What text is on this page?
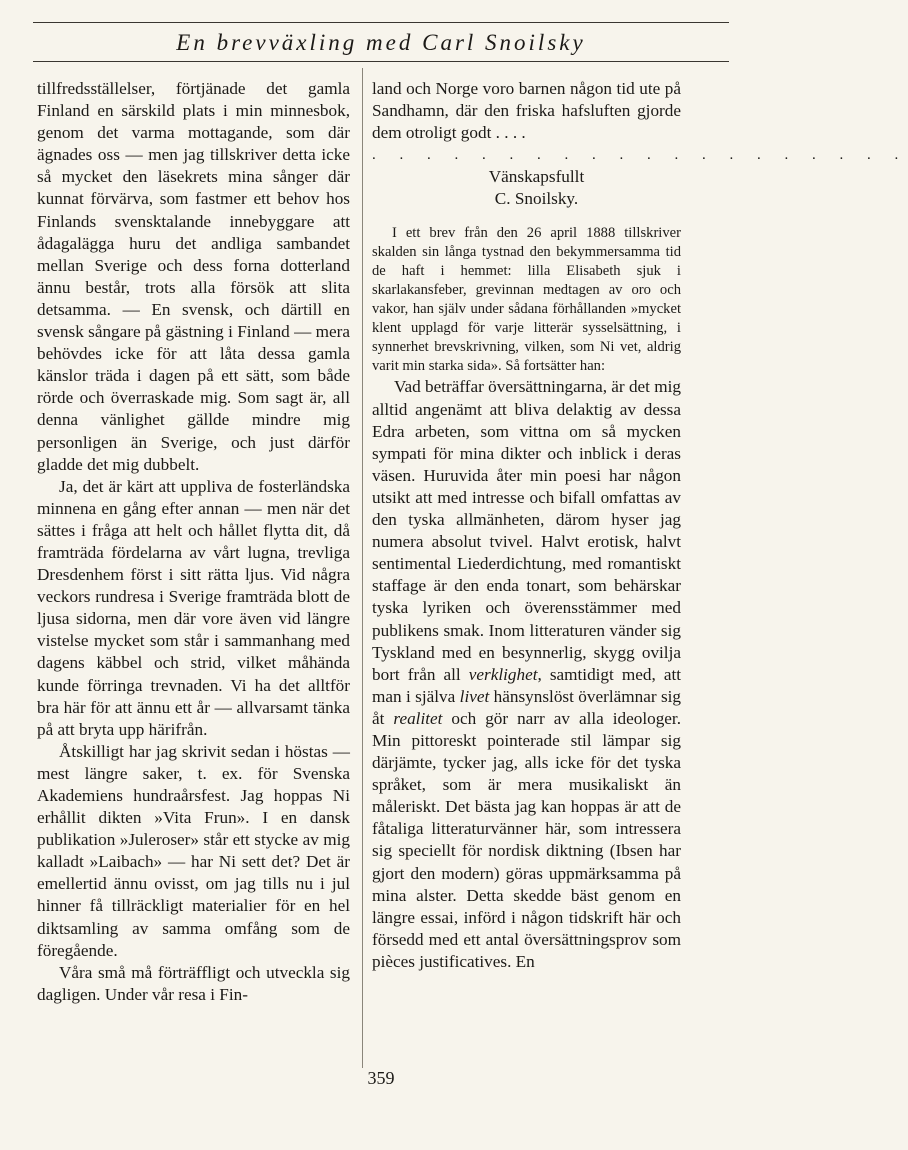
En brevväxling med Carl Snoilsky

tillfredsställelser, förtjänade det gamla Finland en särskild plats i min minnesbok, genom det varma mottagande, som där ägnades oss — men jag tillskriver detta icke så mycket den läsekrets mina sånger där kunnat förvärva, som fastmer ett behov hos Finlands svensktalande innebyggare att ådagalägga huru det andliga sambandet mellan Sverige och dess forna dotterland ännu består, trots alla försök att slita detsamma. — En svensk, och därtill en svensk sångare på gästning i Finland — mera behövdes icke för att låta dessa gamla känslor träda i dagen på ett sätt, som både rörde och överraskade mig. Som sagt är, all denna vänlighet gällde mindre mig personligen än Sverige, och just därför gladde det mig dubbelt.

Ja, det är kärt att uppliva de fosterländska minnena en gång efter annan — men när det sättes i fråga att helt och hållet flytta dit, då framträda fördelarna av vårt lugna, trevliga Dresdenhem först i sitt rätta ljus. Vid några veckors rundresa i Sverige framträda blott de ljusa sidorna, men där vore även vid längre vistelse mycket som står i sammanhang med dagens käbbel och strid, vilket måhända kunde förringa trevnaden. Vi ha det alltför bra här för att ännu ett år — allvarsamt tänka på att bryta upp härifrån.

Åtskilligt har jag skrivit sedan i höstas — mest längre saker, t. ex. för Svenska Akademiens hundraårsfest. Jag hoppas Ni erhållit dikten »Vita Frun». I en dansk publikation »Juleroser» står ett stycke av mig kalladt »Laibach» — har Ni sett det? Det är emellertid ännu ovisst, om jag tills nu i jul hinner få tillräckligt materialier för en hel diktsamling av samma omfång som de föregående.

Våra små må förträffligt och utveckla sig dagligen. Under vår resa i Fin-

land och Norge voro barnen någon tid ute på Sandhamn, där den friska hafsluften gjorde dem otroligt godt . . . .

. . . . . . . . . . . . . . . . . . . .

Vänskapsfullt

C. Snoilsky.

I ett brev från den 26 april 1888 tillskriver skalden sin långa tystnad den bekymmersamma tid de haft i hemmet: lilla Elisabeth sjuk i skarlakansfeber, grevinnan medtagen av oro och vakor, han själv under sådana förhållanden »mycket klent upplagd för varje litterär sysselsättning, i synnerhet brevskrivning, vilken, som Ni vet, aldrig varit min starka sida». Så fortsätter han:

Vad beträffar översättningarna, är det mig alltid angenämt att bliva delaktig av dessa Edra arbeten, som vittna om så mycken sympati för mina dikter och inblick i deras väsen. Huruvida åter min poesi har någon utsikt att med intresse och bifall omfattas av den tyska allmänheten, därom hyser jag numera absolut tvivel. Halvt erotisk, halvt sentimental Liederdichtung, med romantiskt staffage är den enda tonart, som behärskar tyska lyriken och överensstämmer med publikens smak. Inom litteraturen vänder sig Tyskland med en besynnerlig, skygg ovilja bort från all verklighet, samtidigt med, att man i själva livet hänsynslöst överlämnar sig åt realitet och gör narr av alla ideologer. Min pittoreskt pointerade stil lämpar sig därjämte, tycker jag, alls icke för det tyska språket, som är mera musikaliskt än måleriskt. Det bästa jag kan hoppas är att de fåtaliga litteraturvänner här, som intressera sig speciellt för nordisk diktning (Ibsen har gjort den modern) göras uppmärksamma på mina alster. Detta skedde bäst genom en längre essai, införd i någon tidskrift här och försedd med ett antal översättningsprov som pièces justificatives. En

359
